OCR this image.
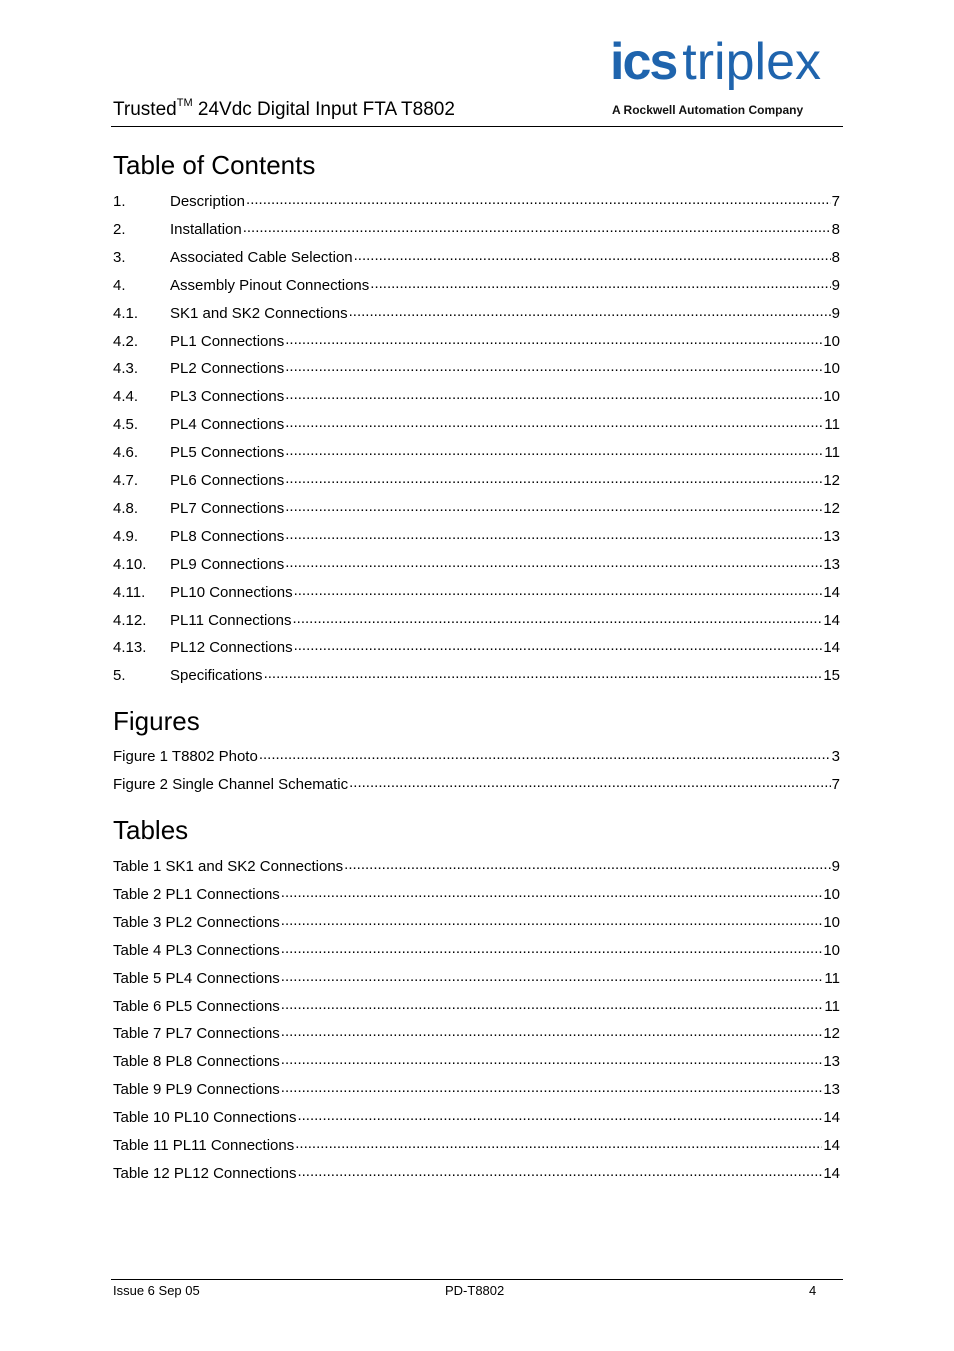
Trusted™ 24Vdc Digital Input FTA T8802
ics triplex
A Rockwell Automation Company
Table of Contents
1.	Description .....	7
2.	Installation .....	8
3.	Associated Cable Selection .....	8
4.	Assembly Pinout Connections .....	9
4.1.	SK1 and SK2 Connections .....	9
4.2.	PL1 Connections .....	10
4.3.	PL2 Connections .....	10
4.4.	PL3 Connections .....	10
4.5.	PL4 Connections .....	11
4.6.	PL5 Connections .....	11
4.7.	PL6 Connections .....	12
4.8.	PL7 Connections .....	12
4.9.	PL8 Connections .....	13
4.10.	PL9 Connections .....	13
4.11.	PL10 Connections .....	14
4.12.	PL11 Connections .....	14
4.13.	PL12 Connections .....	14
5.	Specifications .....	15
Figures
Figure 1 T8802 Photo .....	3
Figure 2 Single Channel Schematic .....	7
Tables
Table 1 SK1 and SK2 Connections .....	9
Table 2 PL1 Connections .....	10
Table 3 PL2 Connections .....	10
Table 4 PL3 Connections .....	10
Table 5 PL4 Connections .....	11
Table 6 PL5 Connections .....	11
Table 7 PL7 Connections .....	12
Table 8 PL8 Connections .....	13
Table 9 PL9 Connections .....	13
Table 10 PL10 Connections .....	14
Table 11 PL11 Connections .....	14
Table 12 PL12 Connections .....	14
Issue 6 Sep 05	PD-T8802	4
